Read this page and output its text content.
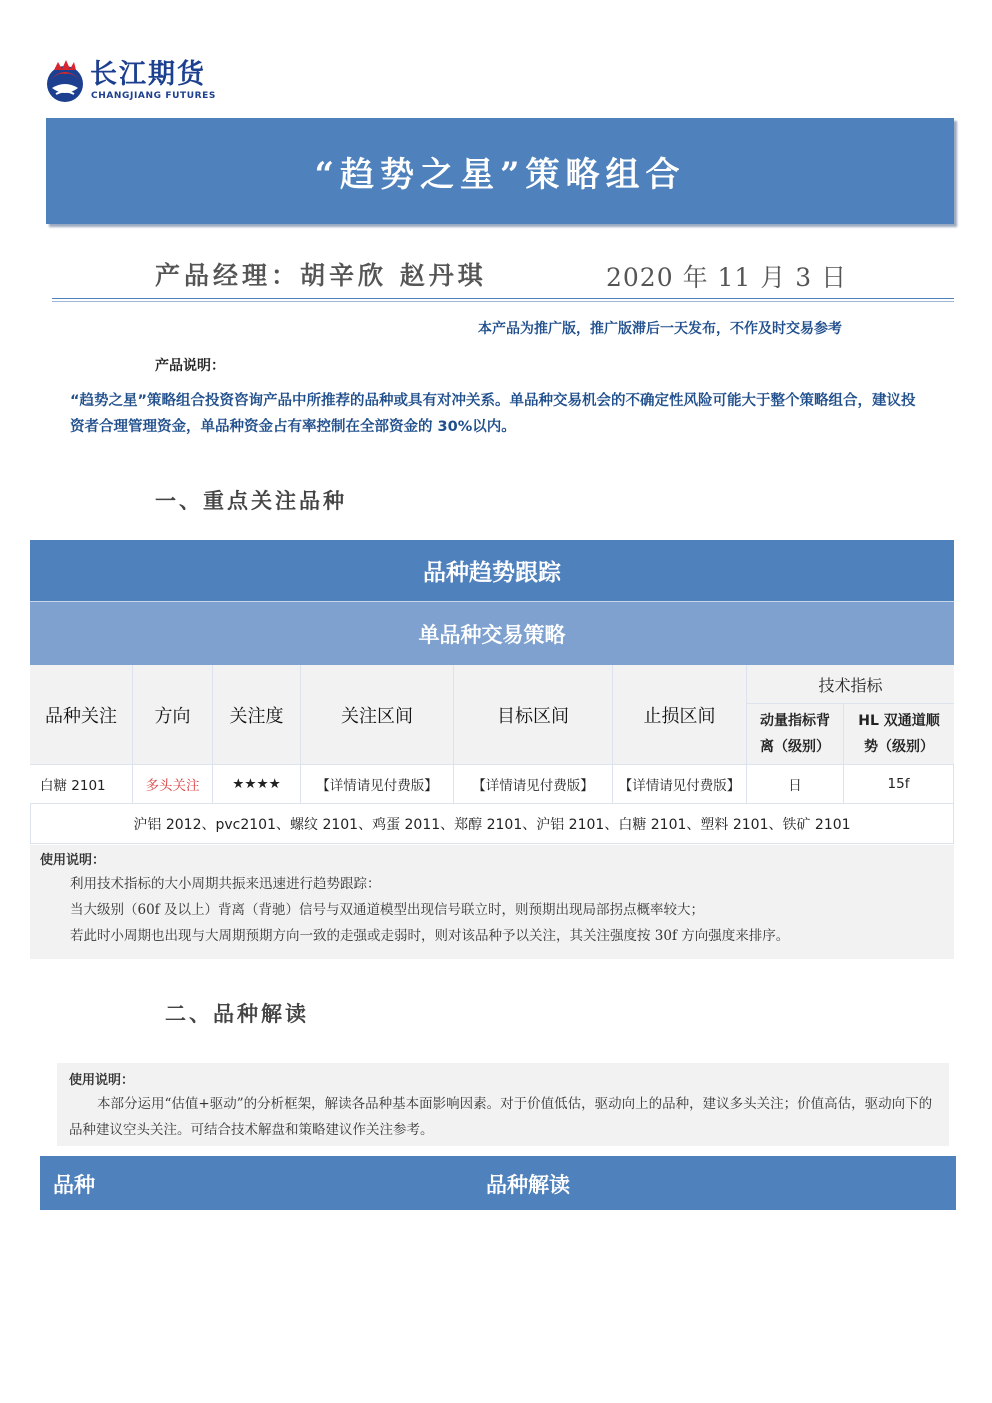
长江期货
CHANGJIANG FUTURES
“趋势之星”策略组合
产品经理：胡辛欣 赵丹琪	2020 年 11 月 3 日
本产品为推广版，推广版滞后一天发布，不作及时交易参考
产品说明：
“趋势之星”策略组合投资咨询产品中所推荐的品种或具有对冲关系。单品种交易机会的不确定性风险可能大于整个策略组合，建议投资者合理管理资金，单品种资金占有率控制在全部资金的 30%以内。
一、重点关注品种
品种趋势跟踪
单品种交易策略
品种关注	方向	关注度	关注区间	目标区间	止损区间
技术指标
动量指标背离（级别）
HL 双通道顺势（级别）
白糖 2101	多头关注	★★★★	【详情请见付费版】	【详情请见付费版】	【详情请见付费版】	日	15f
沪铝 2012、pvc2101、螺纹 2101、鸡蛋 2011、郑醇 2101、沪铝 2101、白糖 2101、塑料 2101、铁矿 2101
使用说明：
利用技术指标的大小周期共振来迅速进行趋势跟踪：
当大级别（60f 及以上）背离（背驰）信号与双通道模型出现信号联立时，则预期出现局部拐点概率较大；
若此时小周期也出现与大周期预期方向一致的走强或走弱时，则对该品种予以关注，其关注强度按 30f 方向强度来排序。
二、品种解读
使用说明：
本部分运用“估值+驱动”的分析框架，解读各品种基本面影响因素。对于价值低估，驱动向上的品种，建议多头关注；价值高估，驱动向下的品种建议空头关注。可结合技术解盘和策略建议作关注参考。
品种	品种解读
